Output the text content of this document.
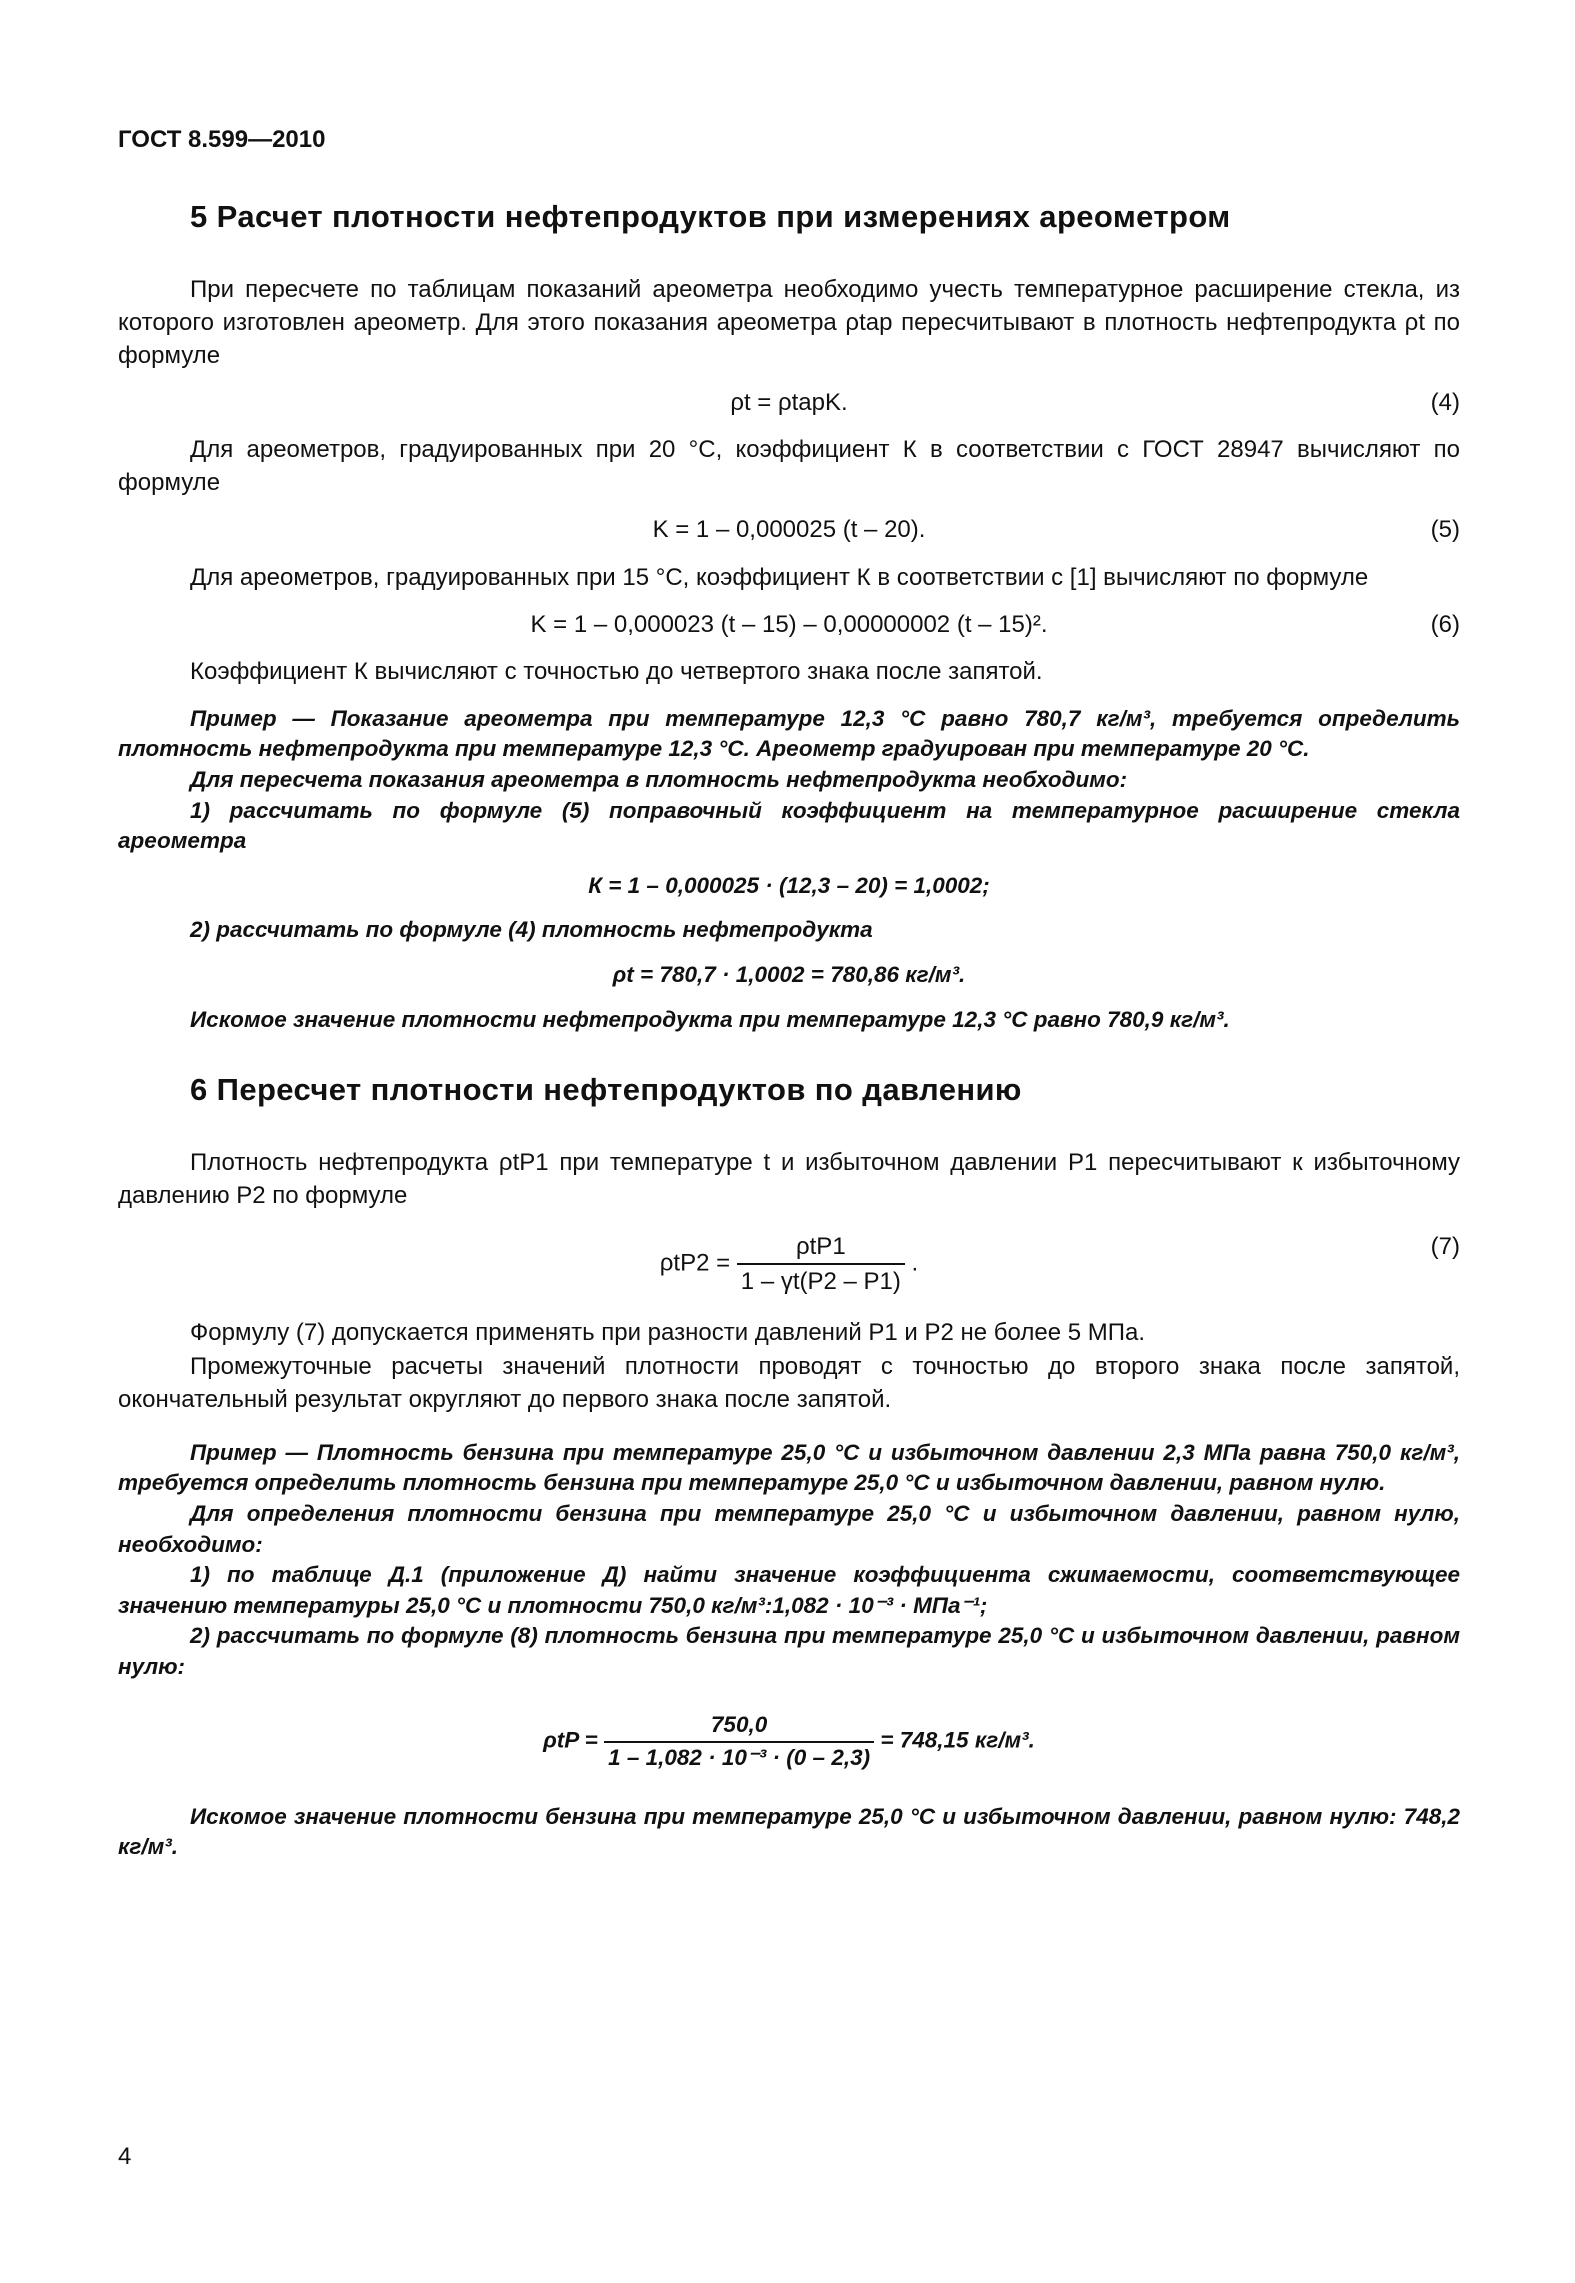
ГОСТ 8.599—2010
5 Расчет плотности нефтепродуктов при измерениях ареометром

При пересчете по таблицам показаний ареометра необходимо учесть температурное расширение стекла, из которого изготовлен ареометр. Для этого показания ареометра ρtap пересчитывают в плотность нефтепродукта ρt по формуле

ρt = ρtapK.	(4)

Для ареометров, градуированных при 20 °С, коэффициент К в соответствии с ГОСТ 28947 вычисляют по формуле

K = 1 – 0,000025 (t – 20).	(5)

Для ареометров, градуированных при 15 °С, коэффициент К в соответствии с [1] вычисляют по формуле

K = 1 – 0,000023 (t – 15) – 0,00000002 (t – 15)².	(6)

Коэффициент К вычисляют с точностью до четвертого знака после запятой.

Пример — Показание ареометра при температуре 12,3 °С равно 780,7 кг/м³, требуется определить плотность нефтепродукта при температуре 12,3 °С. Ареометр градуирован при температуре 20 °С.

Для пересчета показания ареометра в плотность нефтепродукта необходимо:

1) рассчитать по формуле (5) поправочный коэффициент на температурное расширение стекла ареометра

К = 1 – 0,000025 · (12,3 – 20) = 1,0002;

2) рассчитать по формуле (4) плотность нефтепродукта

ρt = 780,7 · 1,0002 = 780,86 кг/м³.

Искомое значение плотности нефтепродукта при температуре 12,3 °С равно 780,9 кг/м³.

6 Пересчет плотности нефтепродуктов по давлению

Плотность нефтепродукта ρtP1 при температуре t и избыточном давлении P1 пересчитывают к избыточному давлению P2 по формуле

$\rho tP2 = \frac{\text{ρtP1}}{1 - \gamma t(P2 - P1)}$ .
(7)

Формулу (7) допускается применять при разности давлений P1 и P2 не более 5 МПа.

Промежуточные расчеты значений плотности проводят с точностью до второго знака после запятой, окончательный результат округляют до первого знака после запятой.

Пример — Плотность бензина при температуре 25,0 °С и избыточном давлении 2,3 МПа равна 750,0 кг/м³, требуется определить плотность бензина при температуре 25,0 °С и избыточном давлении, равном нулю.

Для определения плотности бензина при температуре 25,0 °С и избыточном давлении, равном нулю, необходимо:

1) по таблице Д.1 (приложение Д) найти значение коэффициента сжимаемости, соответствующее значению температуры 25,0 °С и плотности 750,0 кг/м³:1,082 · 10⁻³ · МПа⁻¹;

2) рассчитать по формуле (8) плотность бензина при температуре 25,0 °С и избыточном давлении, равном нулю:

$\rho tP = \frac{750,0}{\text{1 – 1,082 · 10⁻³ · (0 – 2,3)}} = 748,15$ кг/м³.

Искомое значение плотности бензина при температуре 25,0 °С и избыточном давлении, равном нулю: 748,2 кг/м³.

4
